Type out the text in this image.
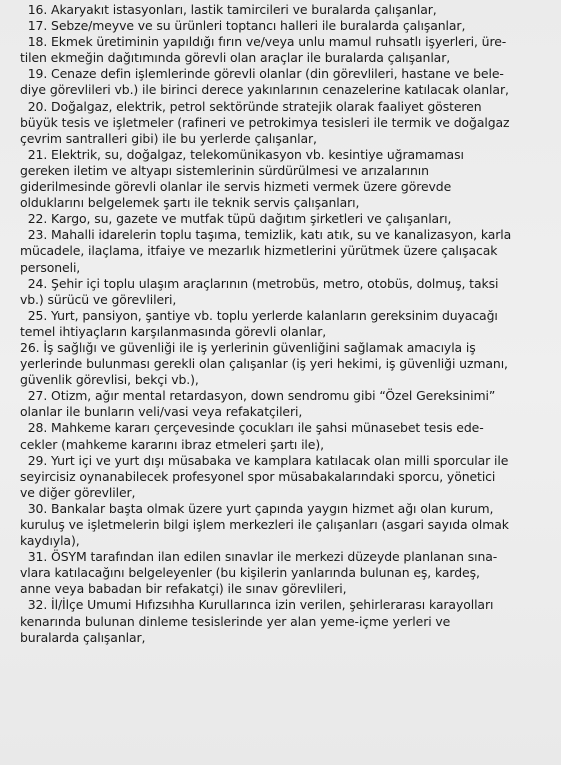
16. Akaryakıt istasyonları, lastik tamircileri ve buralarda çalışanlar,
17. Sebze/meyve ve su ürünleri toptancı halleri ile buralarda çalışanlar,
18. Ekmek üretiminin yapıldığı fırın ve/veya unlu mamul ruhsatlı işyerleri, üre-
tilen ekmeğin dağıtımında görevli olan araçlar ile buralarda çalışanlar,
19. Cenaze defin işlemlerinde görevli olanlar (din görevlileri, hastane ve bele-
diye görevlileri vb.) ile birinci derece yakınlarının cenazelerine katılacak olanlar,
20. Doğalgaz, elektrik, petrol sektöründe stratejik olarak faaliyet gösteren
büyük tesis ve işletmeler (rafineri ve petrokimya tesisleri ile termik ve doğalgaz
çevrim santralleri gibi) ile bu yerlerde çalışanlar,
21. Elektrik, su, doğalgaz, telekomünikasyon vb. kesintiye uğramaması
gereken iletim ve altyapı sistemlerinin sürdürülmesi ve arızalarının
giderilmesinde görevli olanlar ile servis hizmeti vermek üzere görevde
olduklarını belgelemek şartı ile teknik servis çalışanları,
22. Kargo, su, gazete ve mutfak tüpü dağıtım şirketleri ve çalışanları,
23. Mahalli idarelerin toplu taşıma, temizlik, katı atık, su ve kanalizasyon, karla
mücadele, ilaçlama, itfaiye ve mezarlık hizmetlerini yürütmek üzere çalışacak
personeli,
24. Şehir içi toplu ulaşım araçlarının (metrobüs, metro, otobüs, dolmuş, taksi
vb.) sürücü ve görevlileri,
25. Yurt, pansiyon, şantiye vb. toplu yerlerde kalanların gereksinim duyacağı
temel ihtiyaçların karşılanmasında görevli olanlar,
26. İş sağlığı ve güvenliği ile iş yerlerinin güvenliğini sağlamak amacıyla iş
yerlerinde bulunması gerekli olan çalışanlar (iş yeri hekimi, iş güvenliği uzmanı,
güvenlik görevlisi, bekçi vb.),
27. Otizm, ağır mental retardasyon, down sendromu gibi “Özel Gereksinimi”
olanlar ile bunların veli/vasi veya refakatçileri,
28. Mahkeme kararı çerçevesinde çocukları ile şahsi münasebet tesis ede-
cekler (mahkeme kararını ibraz etmeleri şartı ile),
29. Yurt içi ve yurt dışı müsabaka ve kamplara katılacak olan milli sporcular ile
seyircisiz oynanabilecek profesyonel spor müsabakalarındaki sporcu, yönetici
ve diğer görevliler,
30. Bankalar başta olmak üzere yurt çapında yaygın hizmet ağı olan kurum,
kuruluş ve işletmelerin bilgi işlem merkezleri ile çalışanları (asgari sayıda olmak
kaydıyla),
31. ÖSYM tarafından ilan edilen sınavlar ile merkezi düzeyde planlanan sına-
vlara katılacağını belgeleyenler (bu kişilerin yanlarında bulunan eş, kardeş,
anne veya babadan bir refakatçi) ile sınav görevlileri,
32. İl/İlçe Umumi Hıfızsıhha Kurullarınca izin verilen, şehirlerarası karayolları
kenarında bulunan dinleme tesislerinde yer alan yeme-içme yerleri ve
buralarda çalışanlar,
